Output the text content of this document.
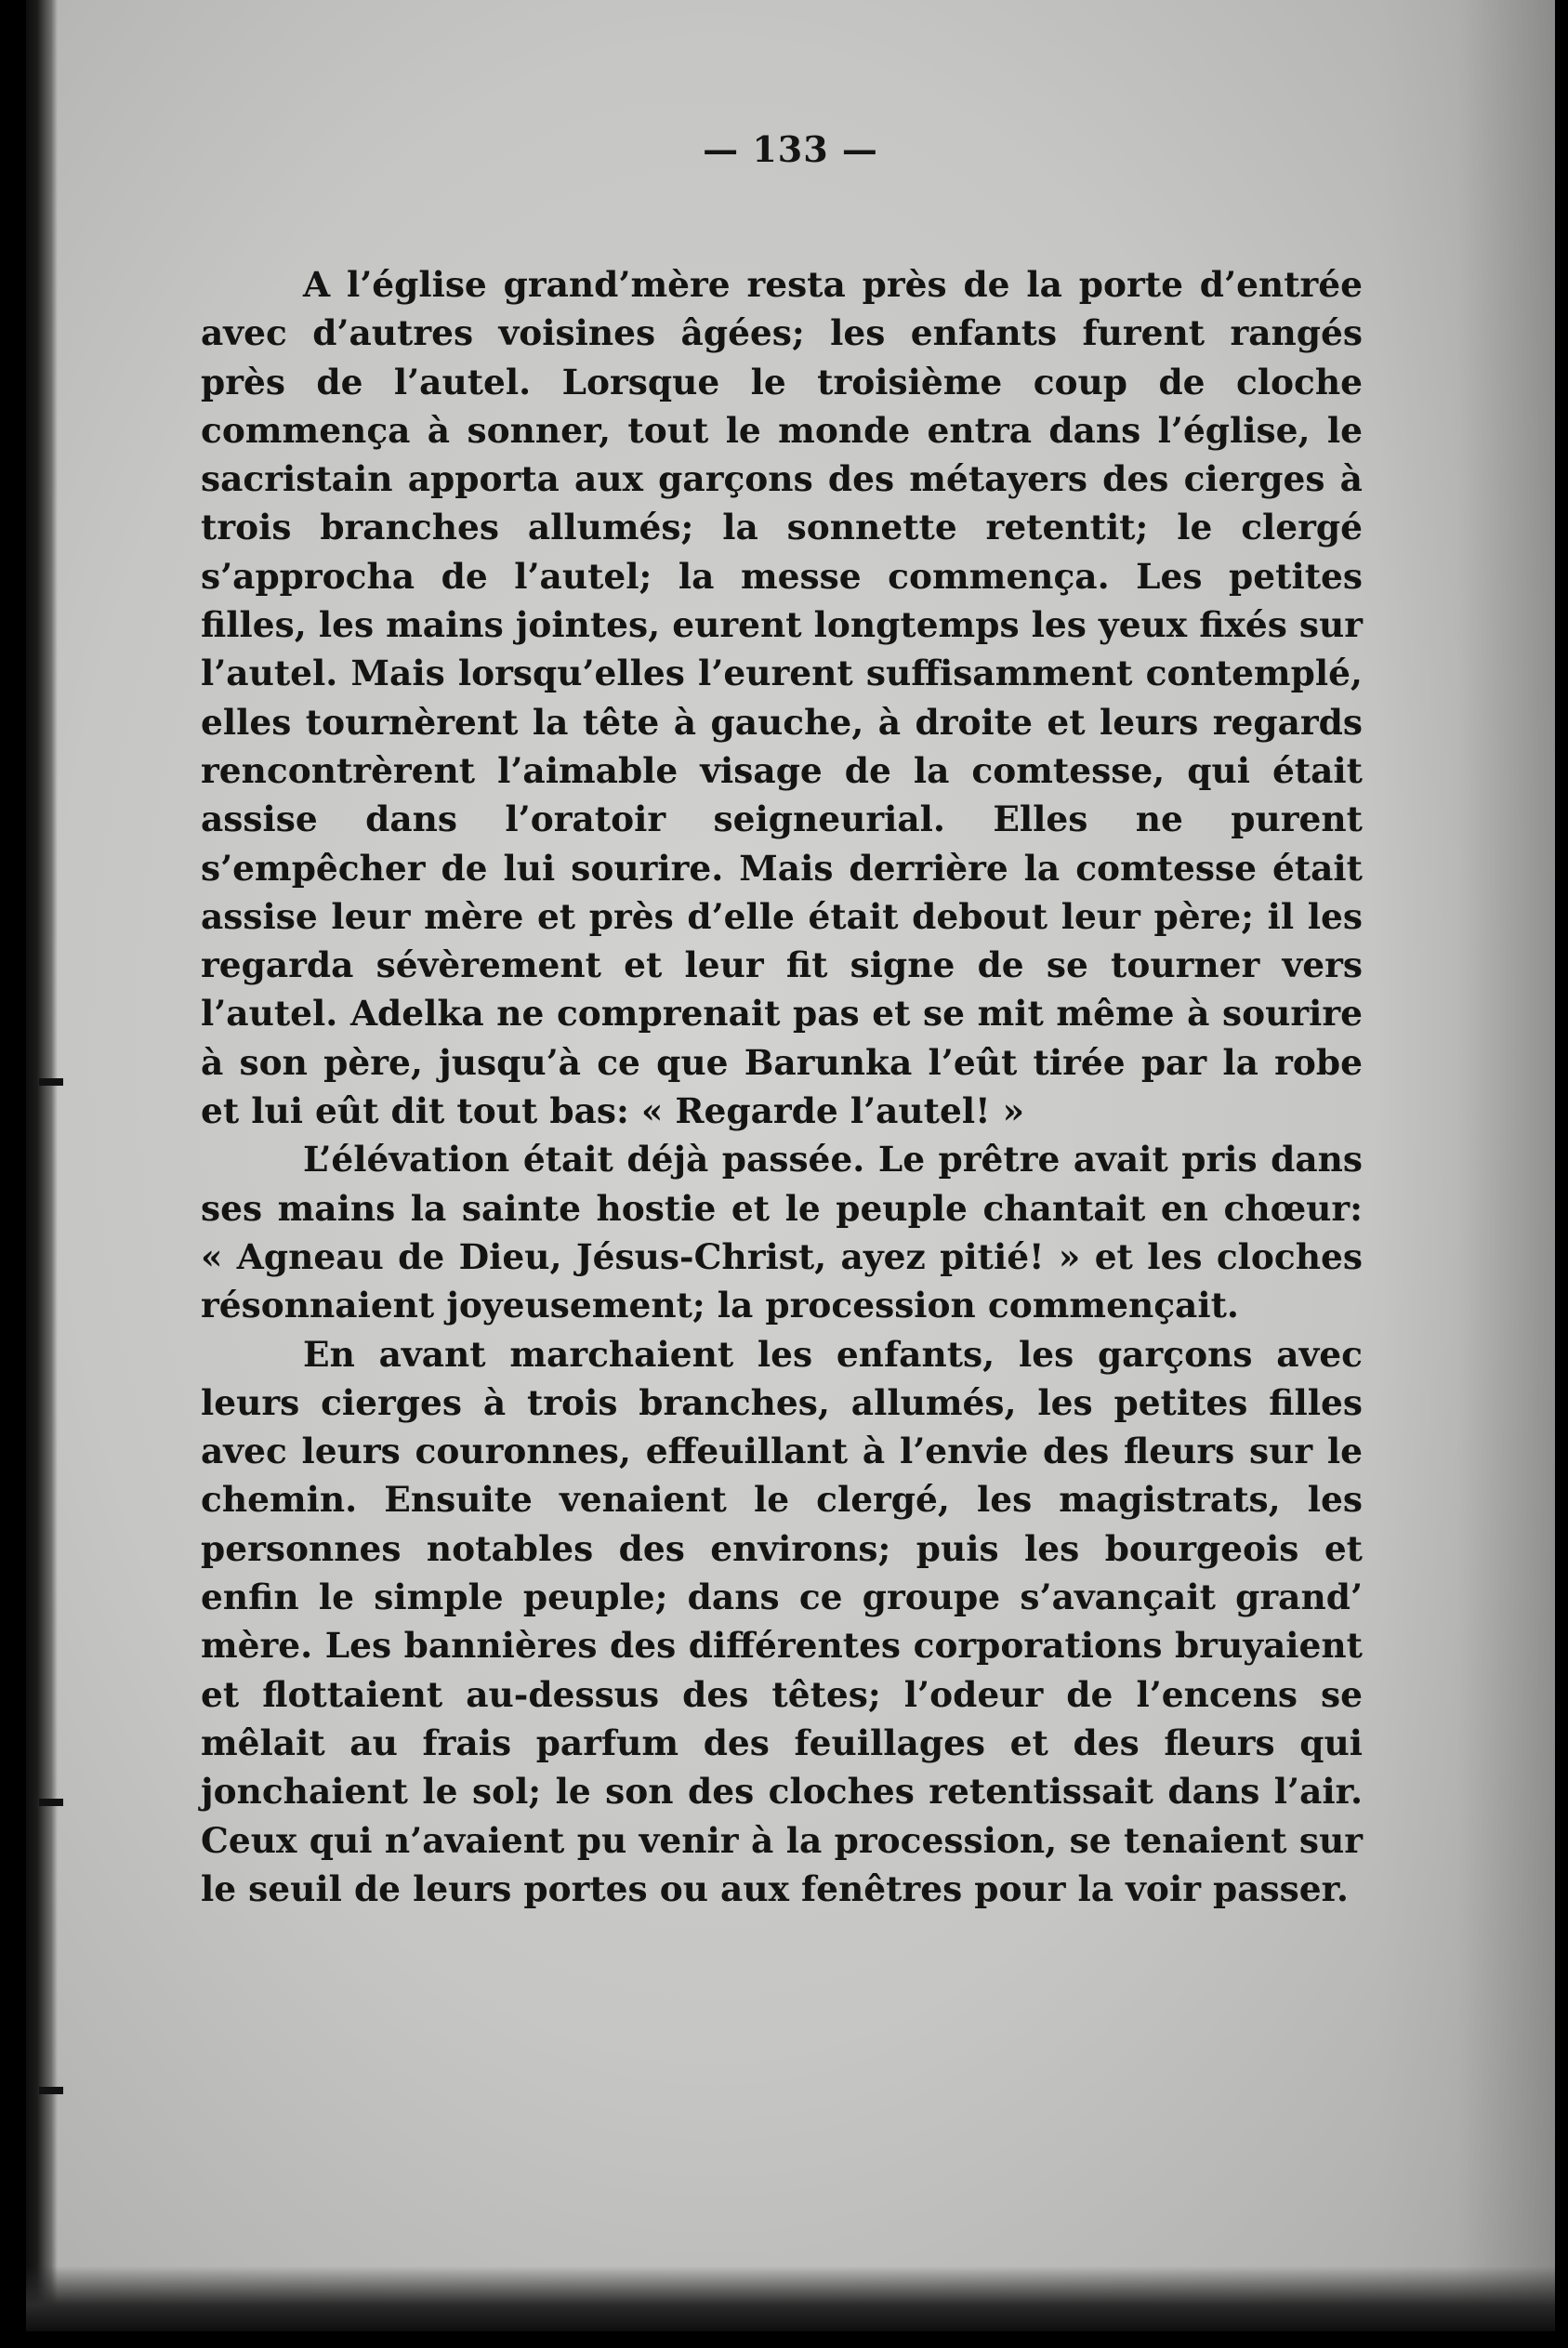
— 133 —

A l’église grand’mère resta près de la porte d’entrée avec d’autres voisines âgées; les enfants furent rangés près de l’autel. Lorsque le troisième coup de cloche commença à sonner, tout le monde entra dans l’église, le sacristain apporta aux garçons des métayers des cierges à trois branches allumés; la sonnette retentit; le clergé s’approcha de l’autel; la messe commença. Les petites filles, les mains jointes, eurent longtemps les yeux fixés sur l’autel. Mais lorsqu’elles l’eurent suffisamment contemplé, elles tournèrent la tête à gauche, à droite et leurs regards rencontrèrent l’aimable visage de la comtesse, qui était assise dans l’oratoir seigneurial. Elles ne purent s’empêcher de lui sourire. Mais derrière la comtesse était assise leur mère et près d’elle était debout leur père; il les regarda sévèrement et leur fit signe de se tourner vers l’autel. Adelka ne comprenait pas et se mit même à sourire à son père, jusqu’à ce que Barunka l’eût tirée par la robe et lui eût dit tout bas: « Regarde l’autel! »

L’élévation était déjà passée. Le prêtre avait pris dans ses mains la sainte hostie et le peuple chantait en chœur: « Agneau de Dieu, Jésus-Christ, ayez pitié! » et les cloches résonnaient joyeusement; la procession commençait.

En avant marchaient les enfants, les garçons avec leurs cierges à trois branches, allumés, les petites filles avec leurs couronnes, effeuillant à l’envie des fleurs sur le chemin. Ensuite venaient le clergé, les magistrats, les personnes notables des environs; puis les bourgeois et enfin le simple peuple; dans ce groupe s’avançait grand’ mère. Les bannières des différentes corporations bruyaient et flottaient au-dessus des têtes; l’odeur de l’encens se mêlait au frais parfum des feuillages et des fleurs qui jonchaient le sol; le son des cloches retentissait dans l’air. Ceux qui n’avaient pu venir à la procession, se tenaient sur le seuil de leurs portes ou aux fenêtres pour la voir passer.
